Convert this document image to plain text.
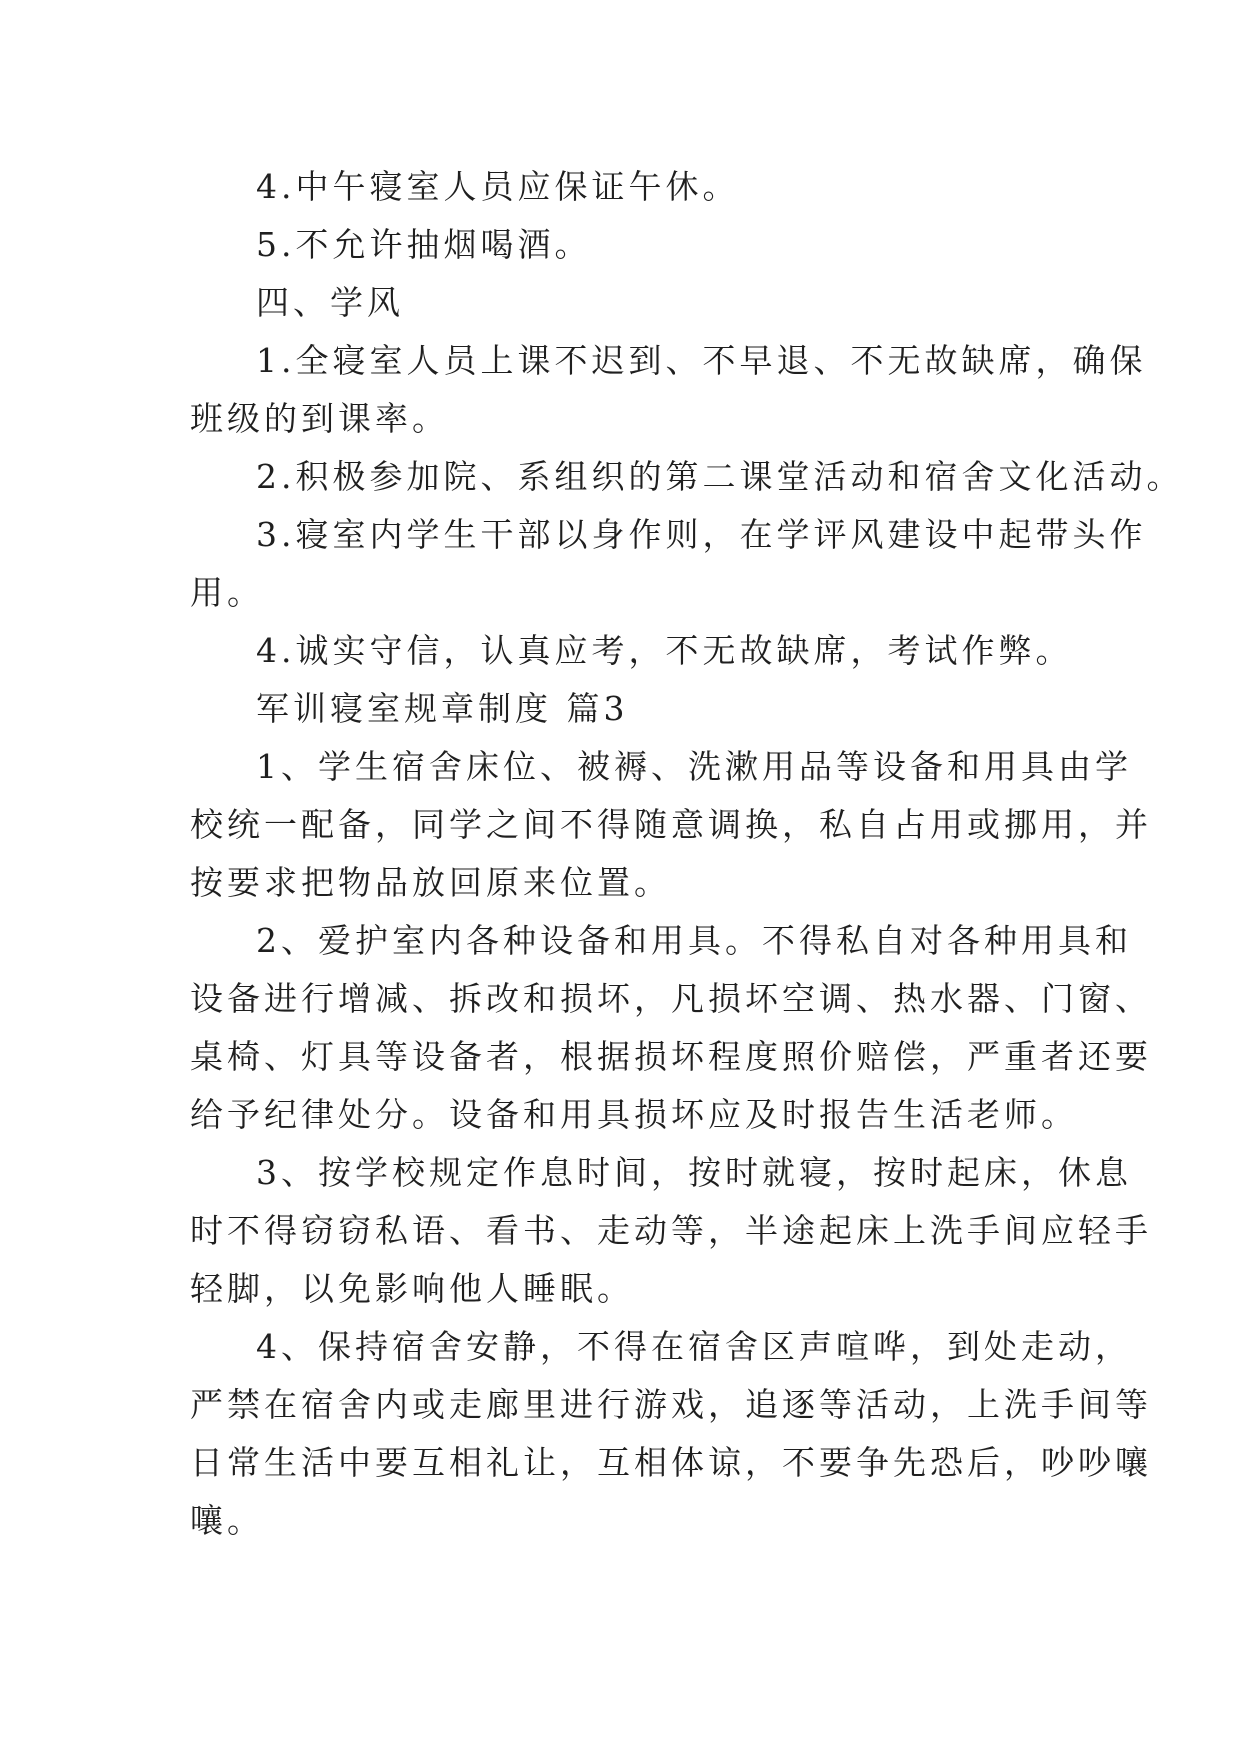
4.中午寝室人员应保证午休。

5.不允许抽烟喝酒。

四、学风

1.全寝室人员上课不迟到、不早退、不无故缺席，确保

班级的到课率。

2.积极参加院、系组织的第二课堂活动和宿舍文化活动。

3.寝室内学生干部以身作则，在学评风建设中起带头作

用。

4.诚实守信，认真应考，不无故缺席，考试作弊。

军训寝室规章制度 篇3

1、学生宿舍床位、被褥、洗漱用品等设备和用具由学

校统一配备，同学之间不得随意调换，私自占用或挪用，并

按要求把物品放回原来位置。

2、爱护室内各种设备和用具。不得私自对各种用具和

设备进行增减、拆改和损坏，凡损坏空调、热水器、门窗、

桌椅、灯具等设备者，根据损坏程度照价赔偿，严重者还要

给予纪律处分。设备和用具损坏应及时报告生活老师。

3、按学校规定作息时间，按时就寝，按时起床，休息

时不得窃窃私语、看书、走动等，半途起床上洗手间应轻手

轻脚，以免影响他人睡眠。

4、保持宿舍安静，不得在宿舍区声喧哗，到处走动，

严禁在宿舍内或走廊里进行游戏，追逐等活动，上洗手间等

日常生活中要互相礼让，互相体谅，不要争先恐后，吵吵嚷

嚷。
